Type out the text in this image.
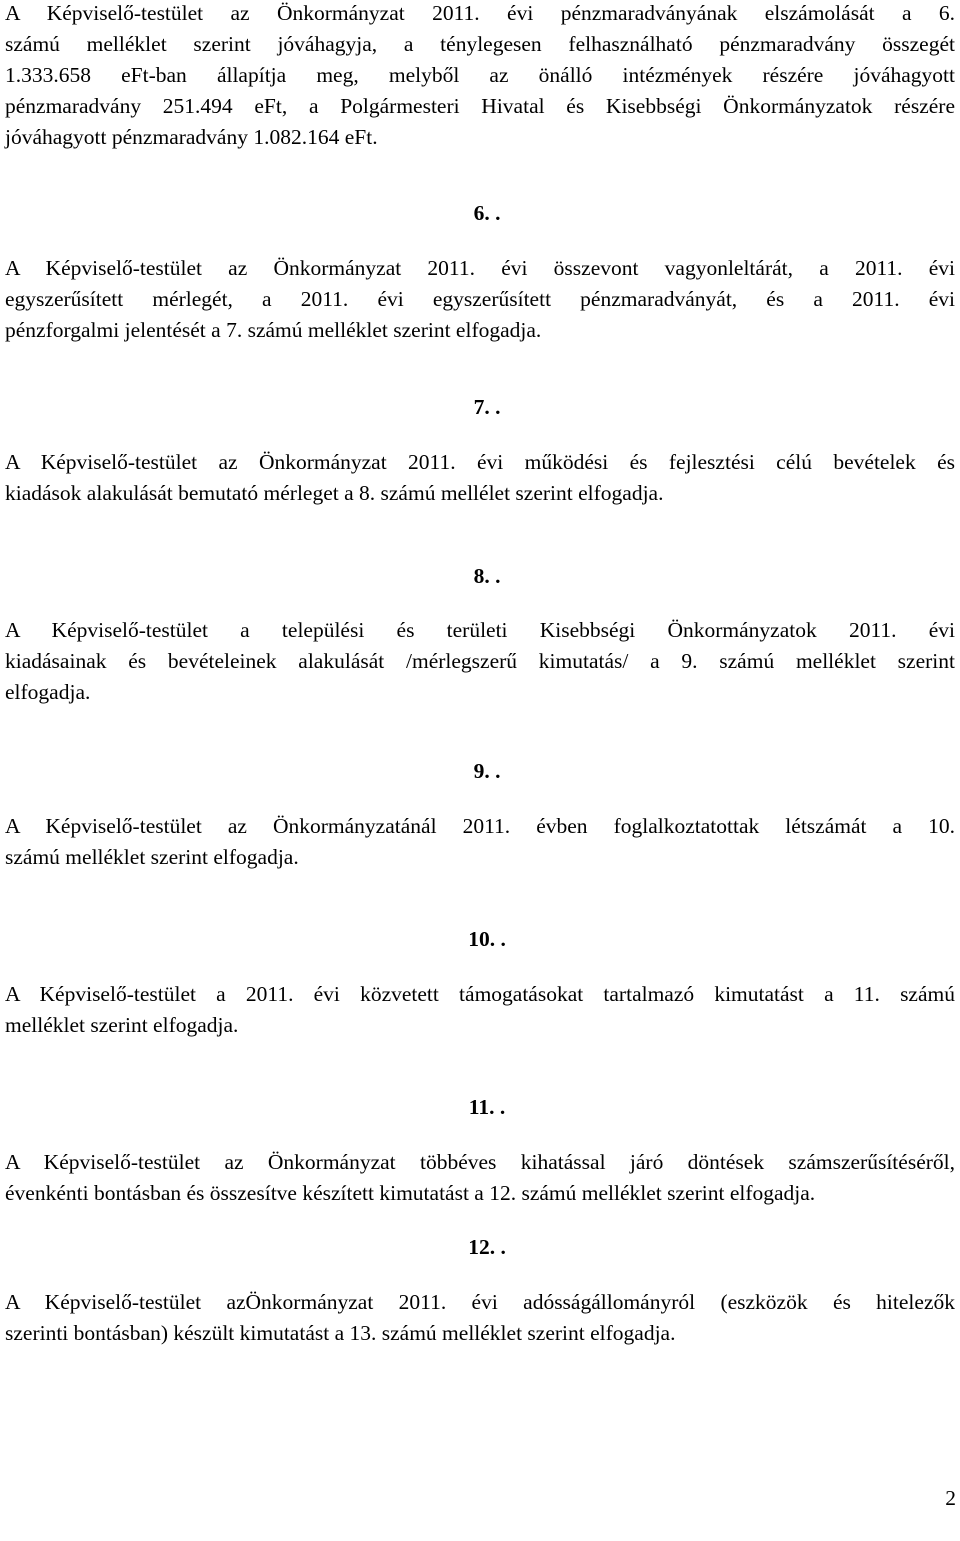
A Képviselő-testület az Önkormányzat 2011. évi pénzmaradványának elszámolását a 6.
számú melléklet szerint jóváhagyja, a ténylegesen felhasználható pénzmaradvány összegét
1.333.658 eFt-ban állapítja meg, melyből az önálló intézmények részére jóváhagyott
pénzmaradvány 251.494 eFt, a Polgármesteri Hivatal és Kisebbségi Önkormányzatok részére
jóváhagyott pénzmaradvány 1.082.164 eFt.
6. .
A Képviselő-testület az Önkormányzat 2011. évi összevont vagyonleltárát, a 2011. évi
egyszerűsített mérlegét, a 2011. évi egyszerűsített pénzmaradványát, és a 2011. évi
pénzforgalmi jelentését a 7. számú melléklet szerint elfogadja.
7. .
A Képviselő-testület az Önkormányzat 2011. évi működési és fejlesztési célú bevételek és
kiadások alakulását bemutató mérleget a 8. számú mellélet szerint elfogadja.
8. .
A Képviselő-testület a települési és területi Kisebbségi Önkormányzatok 2011. évi
kiadásainak és bevételeinek alakulását /mérlegszerű kimutatás/ a 9. számú melléklet szerint
elfogadja.
9. .
A Képviselő-testület az Önkormányzatánál 2011. évben foglalkoztatottak létszámát a 10.
számú melléklet szerint elfogadja.
10. .
A Képviselő-testület a 2011. évi közvetett támogatásokat tartalmazó kimutatást a 11. számú
melléklet szerint elfogadja.
11. .
A Képviselő-testület az Önkormányzat többéves kihatással járó döntések számszerűsítéséről,
évenkénti bontásban és összesítve készített kimutatást a 12. számú melléklet szerint elfogadja.
12. .
A Képviselő-testület azÖnkormányzat 2011. évi adósságállományról (eszközök és hitelezők
szerinti bontásban) készült kimutatást a 13. számú melléklet szerint elfogadja.
2
